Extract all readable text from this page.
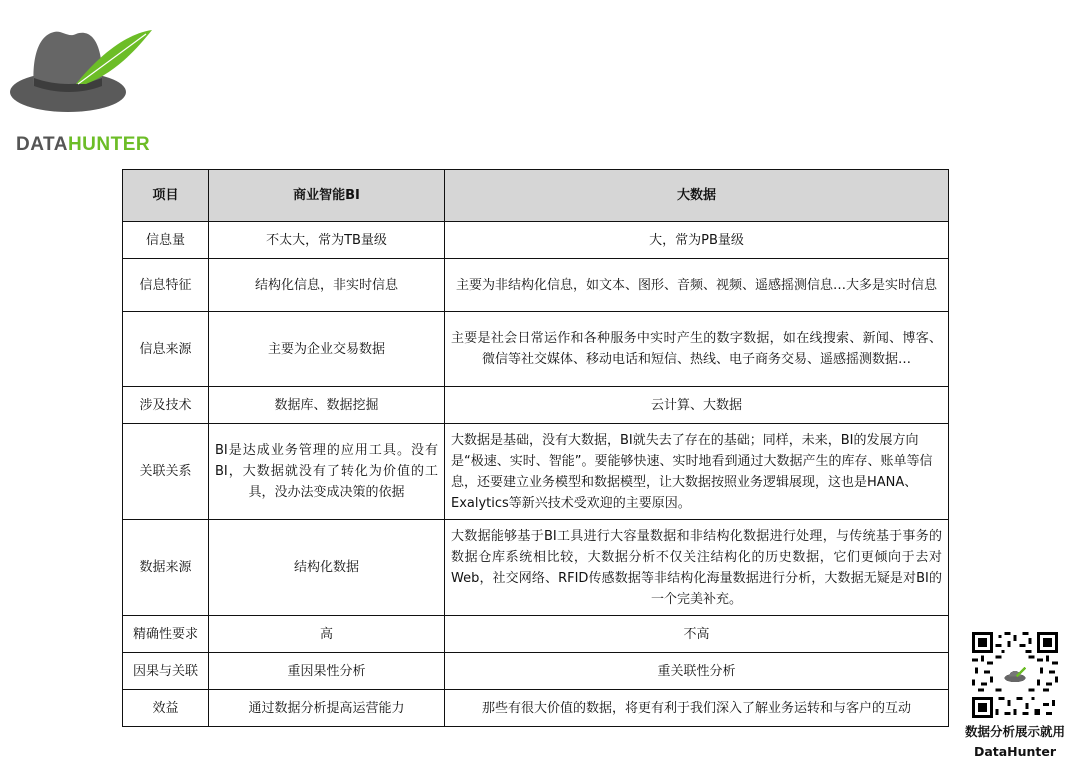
DATAHUNTER
项目	商业智能BI	大数据
信息量	不太大，常为TB量级	大，常为PB量级
信息特征	结构化信息，非实时信息	主要为非结构化信息，如文本、图形、音频、视频、遥感摇测信息…大多是实时信息
信息来源	主要为企业交易数据	主要是社会日常运作和各种服务中实时产生的数字数据，如在线搜索、新闻、博客、微信等社交媒体、移动电话和短信、热线、电子商务交易、遥感摇测数据…
涉及技术	数据库、数据挖掘	云计算、大数据
关联关系	BI是达成业务管理的应用工具。没有BI，大数据就没有了转化为价值的工具，没办法变成决策的依据	大数据是基础，没有大数据，BI就失去了存在的基础；同样，未来，BI的发展方向是“极速、实时、智能”。要能够快速、实时地看到通过大数据产生的库存、账单等信息，还要建立业务模型和数据模型，让大数据按照业务逻辑展现，这也是HANA、Exalytics等新兴技术受欢迎的主要原因。
数据来源	结构化数据	大数据能够基于BI工具进行大容量数据和非结构化数据进行处理，与传统基于事务的数据仓库系统相比较，大数据分析不仅关注结构化的历史数据，它们更倾向于去对Web，社交网络、RFID传感数据等非结构化海量数据进行分析，大数据无疑是对BI的一个完美补充。
精确性要求	高	不高
因果与关联	重因果性分析	重关联性分析
效益	通过数据分析提高运营能力	那些有很大价值的数据，将更有利于我们深入了解业务运转和与客户的互动
数据分析展示就用
DataHunter
